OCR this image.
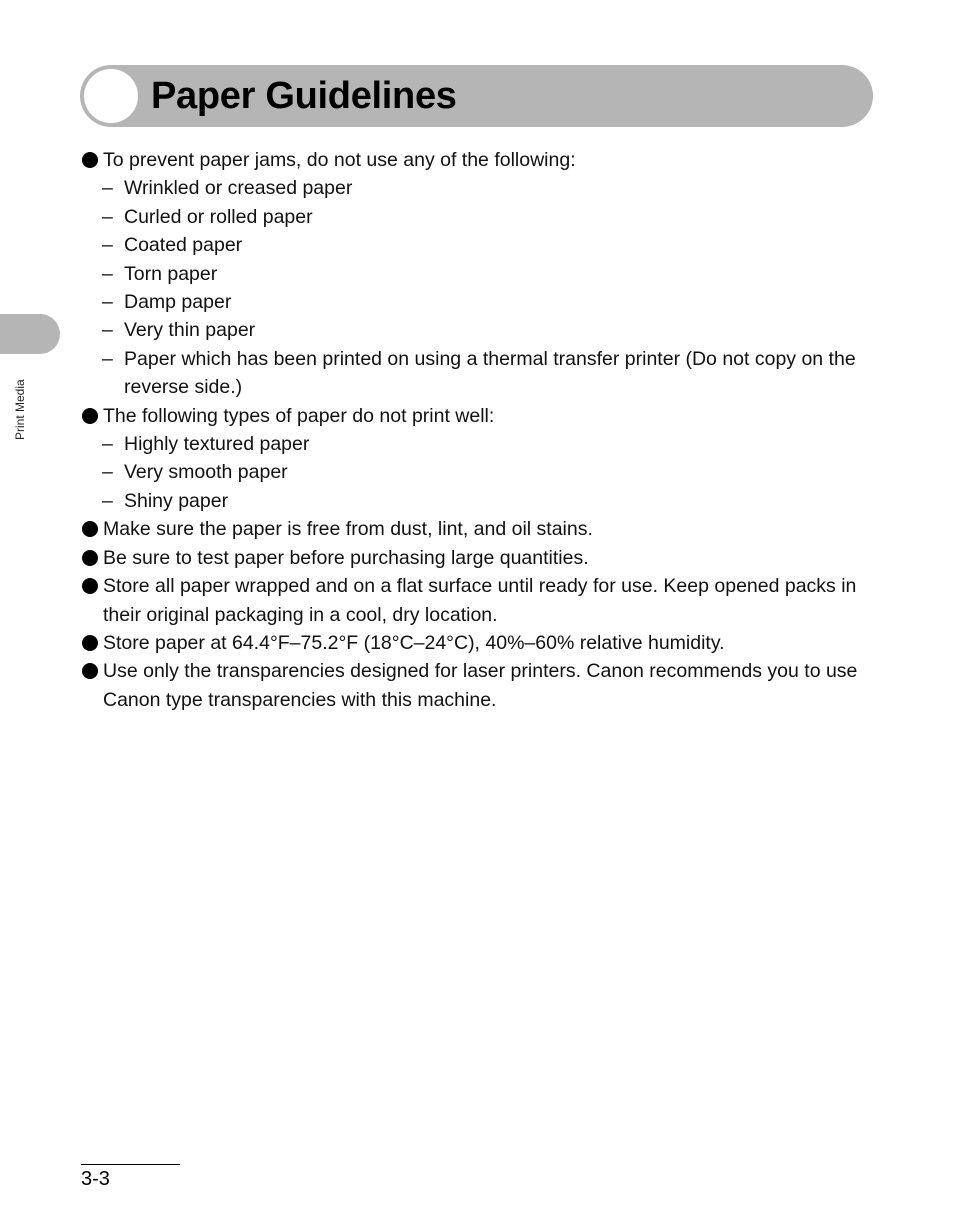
Paper Guidelines
Print Media
To prevent paper jams, do not use any of the following:
– Wrinkled or creased paper
– Curled or rolled paper
– Coated paper
– Torn paper
– Damp paper
– Very thin paper
– Paper which has been printed on using a thermal transfer printer (Do not copy on the reverse side.)
The following types of paper do not print well:
– Highly textured paper
– Very smooth paper
– Shiny paper
Make sure the paper is free from dust, lint, and oil stains.
Be sure to test paper before purchasing large quantities.
Store all paper wrapped and on a flat surface until ready for use. Keep opened packs in their original packaging in a cool, dry location.
Store paper at 64.4°F–75.2°F (18°C–24°C), 40%–60% relative humidity.
Use only the transparencies designed for laser printers. Canon recommends you to use Canon type transparencies with this machine.
3-3
